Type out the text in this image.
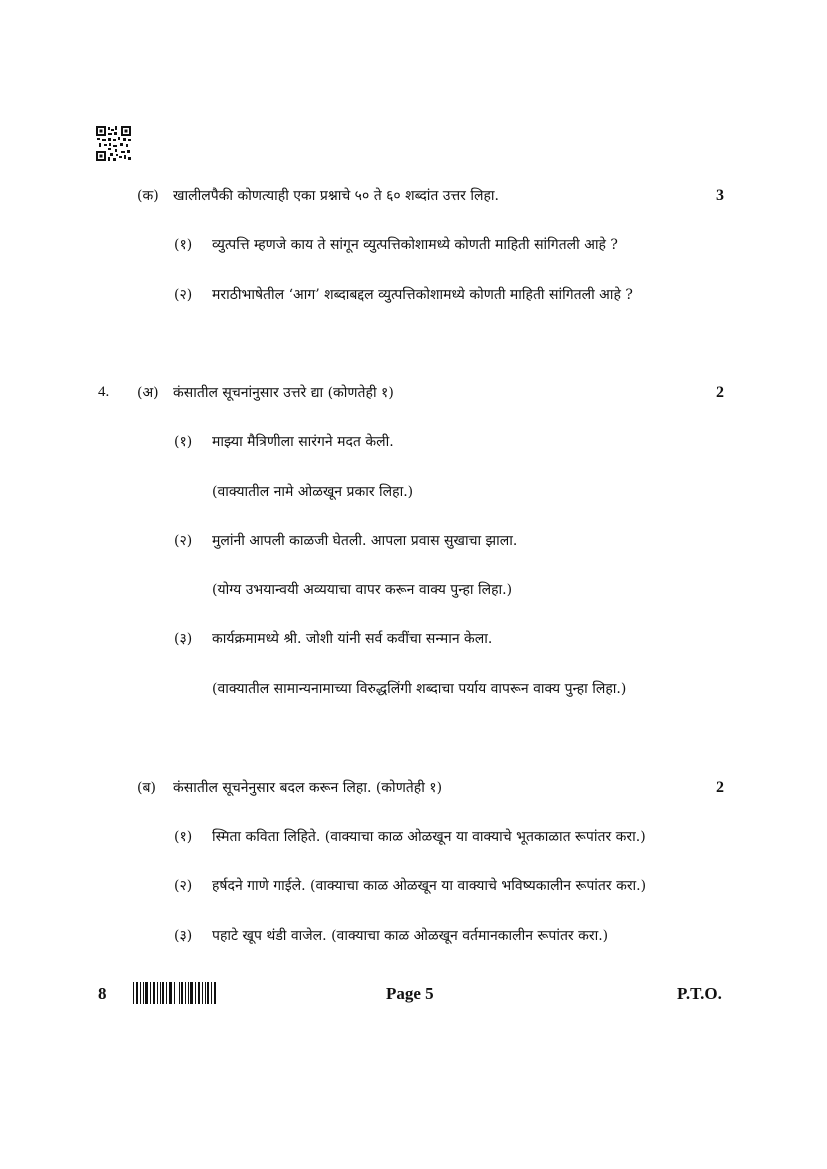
(क) खालीलपैकी कोणत्याही एका प्रश्नाचे ५० ते ६० शब्दांत उत्तर लिहा.	3
(१) व्युत्पत्ति म्हणजे काय ते सांगून व्युत्पत्तिकोशामध्ये कोणती माहिती सांगितली आहे ?
(२) मराठीभाषेतील ‘आग’ शब्दाबद्दल व्युत्पत्तिकोशामध्ये कोणती माहिती सांगितली आहे ?
4. (अ) कंसातील सूचनांनुसार उत्तरे द्या (कोणतेही १)	2
(१) माझ्या मैत्रिणीला सारंगने मदत केली.
(वाक्यातील नामे ओळखून प्रकार लिहा.)
(२) मुलांनी आपली काळजी घेतली. आपला प्रवास सुखाचा झाला.
(योग्य उभयान्वयी अव्ययाचा वापर करून वाक्य पुन्हा लिहा.)
(३) कार्यक्रमामध्ये श्री. जोशी यांनी सर्व कवींचा सन्मान केला.
(वाक्यातील सामान्यनामाच्या विरुद्धलिंगी शब्दाचा पर्याय वापरून वाक्य पुन्हा लिहा.)
(ब) कंसातील सूचनेनुसार बदल करून लिहा. (कोणतेही १)	2
(१) स्मिता कविता लिहिते. (वाक्याचा काळ ओळखून या वाक्याचे भूतकाळात रूपांतर करा.)
(२) हर्षदने गाणे गाईले. (वाक्याचा काळ ओळखून या वाक्याचे भविष्यकालीन रूपांतर करा.)
(३) पहाटे खूप थंडी वाजेल. (वाक्याचा काळ ओळखून वर्तमानकालीन रूपांतर करा.)
8	Page 5	P.T.O.
